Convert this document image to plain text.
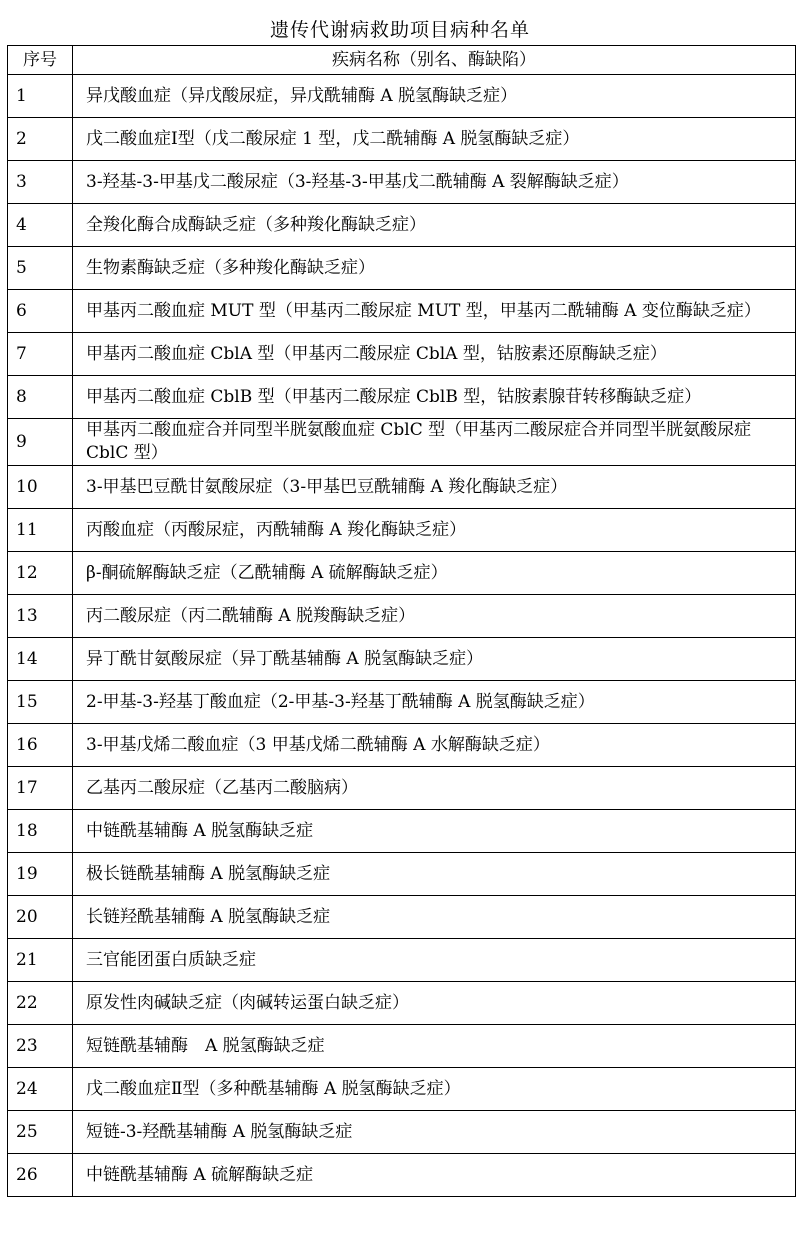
遗传代谢病救助项目病种名单
序号	疾病名称（别名、酶缺陷）
1	异戊酸血症（异戊酸尿症，异戊酰辅酶 A 脱氢酶缺乏症）
2	戊二酸血症Ⅰ型（戊二酸尿症 1 型，戊二酰辅酶 A 脱氢酶缺乏症）
3	3-羟基-3-甲基戊二酸尿症（3-羟基-3-甲基戊二酰辅酶 A 裂解酶缺乏症）
4	全羧化酶合成酶缺乏症（多种羧化酶缺乏症）
5	生物素酶缺乏症（多种羧化酶缺乏症）
6	甲基丙二酸血症 MUT 型（甲基丙二酸尿症 MUT 型，甲基丙二酰辅酶 A 变位酶缺乏症）
7	甲基丙二酸血症 CblA 型（甲基丙二酸尿症 CblA 型，钴胺素还原酶缺乏症）
8	甲基丙二酸血症 CblB 型（甲基丙二酸尿症 CblB 型，钴胺素腺苷转移酶缺乏症）
9	甲基丙二酸血症合并同型半胱氨酸血症 CblC 型（甲基丙二酸尿症合并同型半胱氨酸尿症 CblC 型）
10	3-甲基巴豆酰甘氨酸尿症（3-甲基巴豆酰辅酶 A 羧化酶缺乏症）
11	丙酸血症（丙酸尿症，丙酰辅酶 A 羧化酶缺乏症）
12	β-酮硫解酶缺乏症（乙酰辅酶 A 硫解酶缺乏症）
13	丙二酸尿症（丙二酰辅酶 A 脱羧酶缺乏症）
14	异丁酰甘氨酸尿症（异丁酰基辅酶 A 脱氢酶缺乏症）
15	2-甲基-3-羟基丁酸血症（2-甲基-3-羟基丁酰辅酶 A 脱氢酶缺乏症）
16	3-甲基戊烯二酸血症（3 甲基戊烯二酰辅酶 A 水解酶缺乏症）
17	乙基丙二酸尿症（乙基丙二酸脑病）
18	中链酰基辅酶 A 脱氢酶缺乏症
19	极长链酰基辅酶 A 脱氢酶缺乏症
20	长链羟酰基辅酶 A 脱氢酶缺乏症
21	三官能团蛋白质缺乏症
22	原发性肉碱缺乏症（肉碱转运蛋白缺乏症）
23	短链酰基辅酶　A 脱氢酶缺乏症
24	戊二酸血症Ⅱ型（多种酰基辅酶 A 脱氢酶缺乏症）
25	短链-3-羟酰基辅酶 A 脱氢酶缺乏症
26	中链酰基辅酶 A 硫解酶缺乏症
